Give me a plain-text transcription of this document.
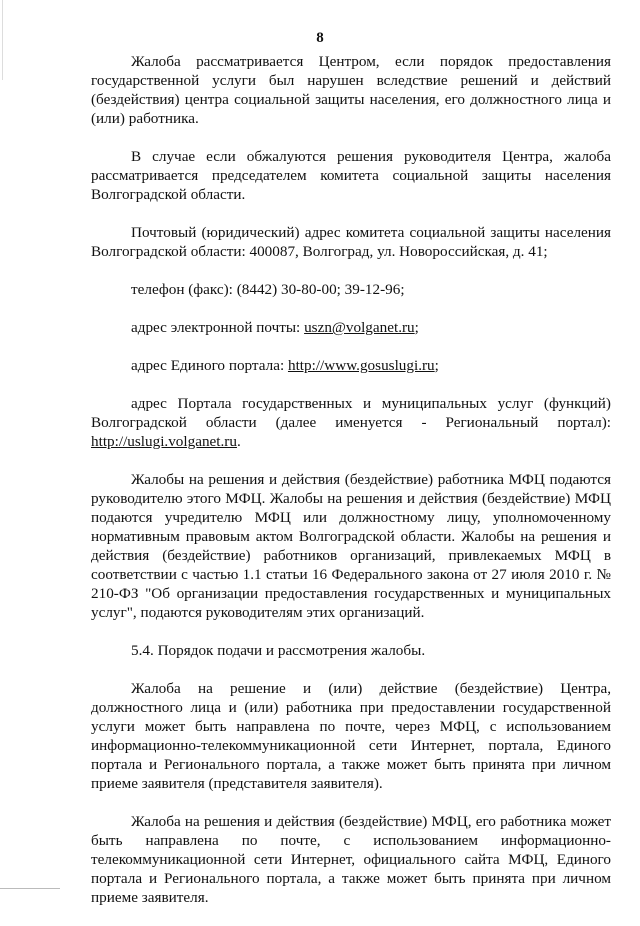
8

Жалоба рассматривается Центром, если порядок предоставления государственной услуги был нарушен вследствие решений и действий (бездействия) центра социальной защиты населения, его должностного лица и (или) работника.

В случае если обжалуются решения руководителя Центра, жалоба рассматривается председателем комитета социальной защиты населения Волгоградской области.

Почтовый (юридический) адрес комитета социальной защиты населения Волгоградской области: 400087, Волгоград, ул. Новороссийская, д. 41;

телефон (факс): (8442) 30-80-00; 39-12-96;

адрес электронной почты: uszn@volganet.ru;

адрес Единого портала: http://www.gosuslugi.ru;

адрес Портала государственных и муниципальных услуг (функций) Волгоградской области (далее именуется - Региональный портал): http://uslugi.volganet.ru.

Жалобы на решения и действия (бездействие) работника МФЦ подаются руководителю этого МФЦ. Жалобы на решения и действия (бездействие) МФЦ подаются учредителю МФЦ или должностному лицу, уполномоченному нормативным правовым актом Волгоградской области. Жалобы на решения и действия (бездействие) работников организаций, привлекаемых МФЦ в соответствии с частью 1.1 статьи 16 Федерального закона от 27 июля 2010 г. № 210-ФЗ "Об организации предоставления государственных и муниципальных услуг", подаются руководителям этих организаций.

5.4. Порядок подачи и рассмотрения жалобы.

Жалоба на решение и (или) действие (бездействие) Центра, должностного лица и (или) работника при предоставлении государственной услуги может быть направлена по почте, через МФЦ, с использованием информационно-телекоммуникационной сети Интернет, портала, Единого портала и Регионального портала, а также может быть принята при личном приеме заявителя (представителя заявителя).

Жалоба на решения и действия (бездействие) МФЦ, его работника может быть направлена по почте, с использованием информационно-телекоммуникационной сети Интернет, официального сайта МФЦ, Единого портала и Регионального портала, а также может быть принята при личном приеме заявителя.
